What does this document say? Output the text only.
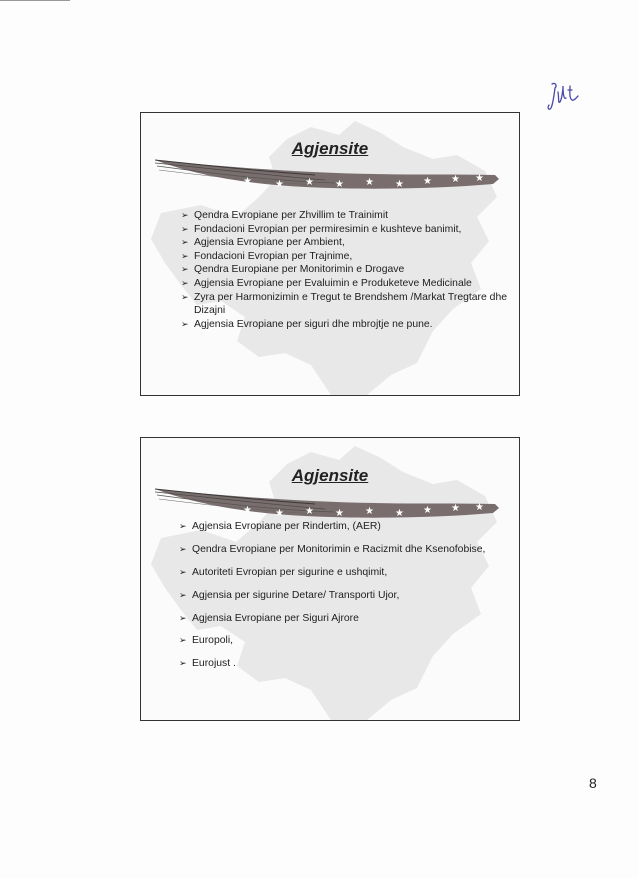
Agjensite

★ ★ ★ ★ ★ ★ ★ ★ ★
➢ Qendra Evropiane per Zhvillim te Trainimit
➢ Fondacioni Evropian per permiresimin e kushteve banimit,
➢ Agjensia Evropiane per Ambient,
➢ Fondacioni Evropian per Trajnime,
➢ Qendra Europiane per Monitorimin e Drogave
➢ Agjensia Evropiane per Evaluimin e Produketeve Medicinale
➢ Zyra per Harmonizimin e Tregut te Brendshem /Markat Tregtare dhe Dizajni
➢ Agjensia Evropiane per siguri dhe mbrojtje ne pune.

Agjensite

★ ★ ★ ★ ★ ★ ★ ★ ★
➢ Agjensia Evropiane per Rindertim, (AER)
➢ Qendra Evropiane per Monitorimin e Racizmit dhe Ksenofobise,
➢ Autoriteti Evropian per sigurine e ushqimit,
➢ Agjensia per sigurine Detare/ Transporti Ujor,
➢ Agjensia Evropiane per Siguri Ajrore
➢ Europoli,
➢ Eurojust .
8
